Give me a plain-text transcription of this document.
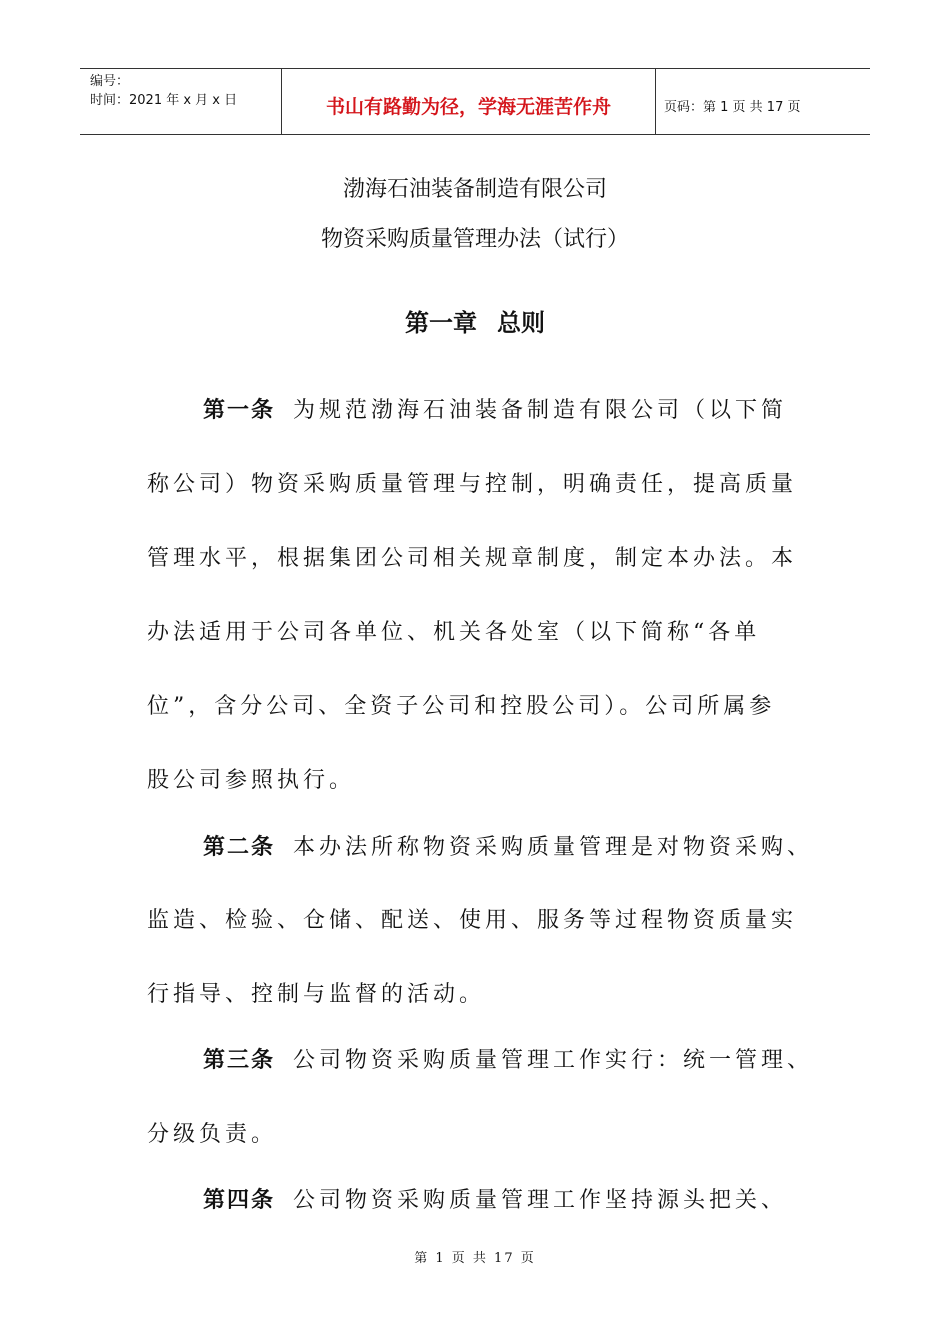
编号：
时间：2021 年 x 月 x 日	书山有路勤为径，学海无涯苦作舟	页码：第 1 页 共 17 页
渤海石油装备制造有限公司
物资采购质量管理办法（试行）
第一章 总则
第一条 为规范渤海石油装备制造有限公司（以下简
称公司）物资采购质量管理与控制，明确责任，提高质量
管理水平，根据集团公司相关规章制度，制定本办法。本
办法适用于公司各单位、机关各处室（以下简称“各单
位”，含分公司、全资子公司和控股公司）。公司所属参
股公司参照执行。
第二条 本办法所称物资采购质量管理是对物资采购、
监造、检验、仓储、配送、使用、服务等过程物资质量实
行指导、控制与监督的活动。
第三条 公司物资采购质量管理工作实行：统一管理、
分级负责。
第四条 公司物资采购质量管理工作坚持源头把关、
第 1 页 共 17 页
